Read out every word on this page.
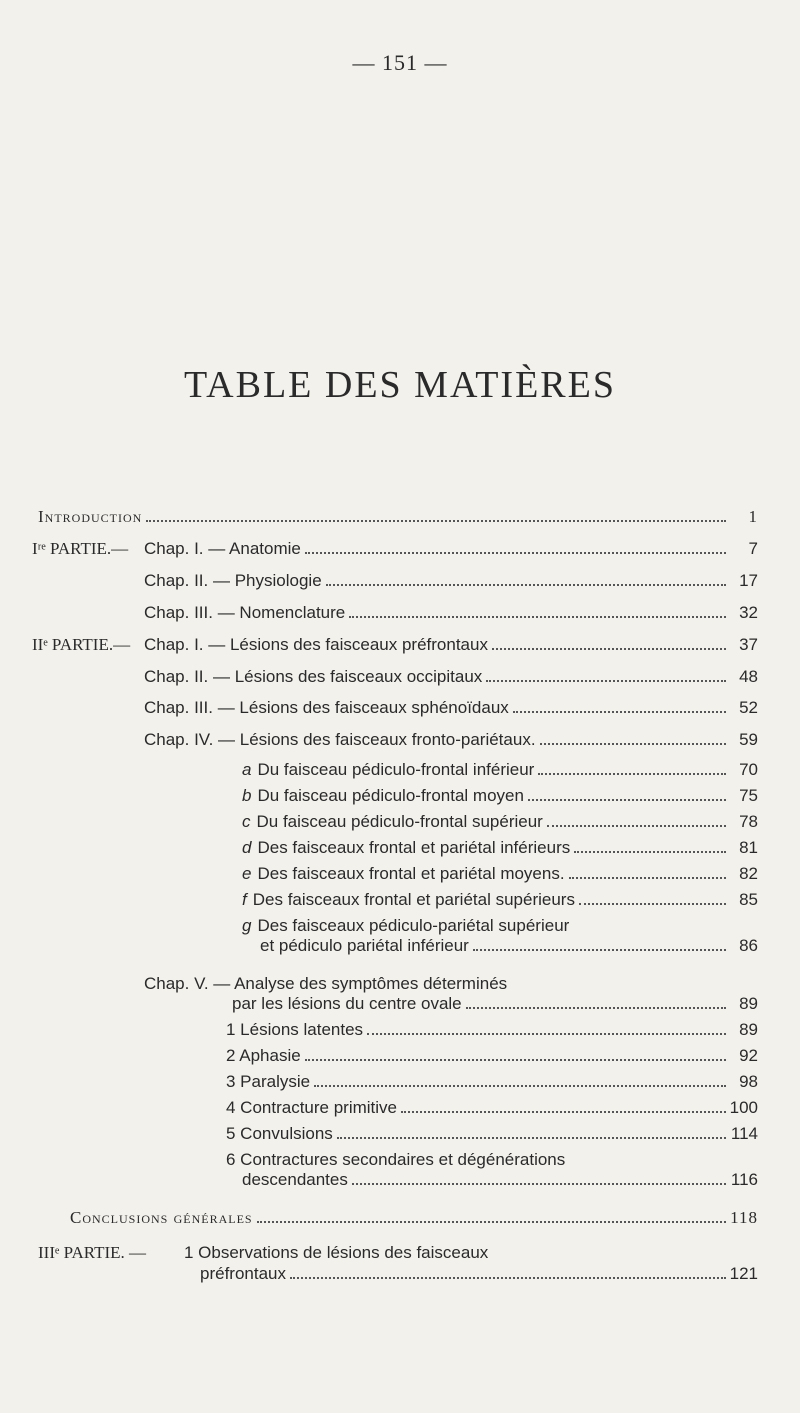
— 151 —
TABLE DES MATIÈRES
Introduction	1
Iʳᵉ PARTIE.— Chap. I. — Anatomie	7
Chap. II. — Physiologie	17
Chap. III. — Nomenclature	32
IIᵉ PARTIE.— Chap. I. — Lésions des faisceaux préfrontaux	37
Chap. II. — Lésions des faisceaux occipitaux	48
Chap. III. — Lésions des faisceaux sphénoïdaux	52
Chap. IV. — Lésions des faisceaux fronto-pariétaux.	59
a Du faisceau pédiculo-frontal inférieur	70
b Du faisceau pédiculo-frontal moyen	75
c Du faisceau pédiculo-frontal supérieur	78
d Des faisceaux frontal et pariétal inférieurs	81
e Des faisceaux frontal et pariétal moyens.	82
f Des faisceaux frontal et pariétal supérieurs	85
g Des faisceaux pédiculo-pariétal supérieur
et pédiculo pariétal inférieur	86
Chap. V. — Analyse des symptômes déterminés
par les lésions du centre ovale	89
1 Lésions latentes	89
2 Aphasie	92
3 Paralysie	98
4 Contracture primitive	100
5 Convulsions	114
6 Contractures secondaires et dégénérations
descendantes	116
Conclusions générales	118
IIIᵉ PARTIE. — 1 Observations de lésions des faisceaux
préfrontaux	121
